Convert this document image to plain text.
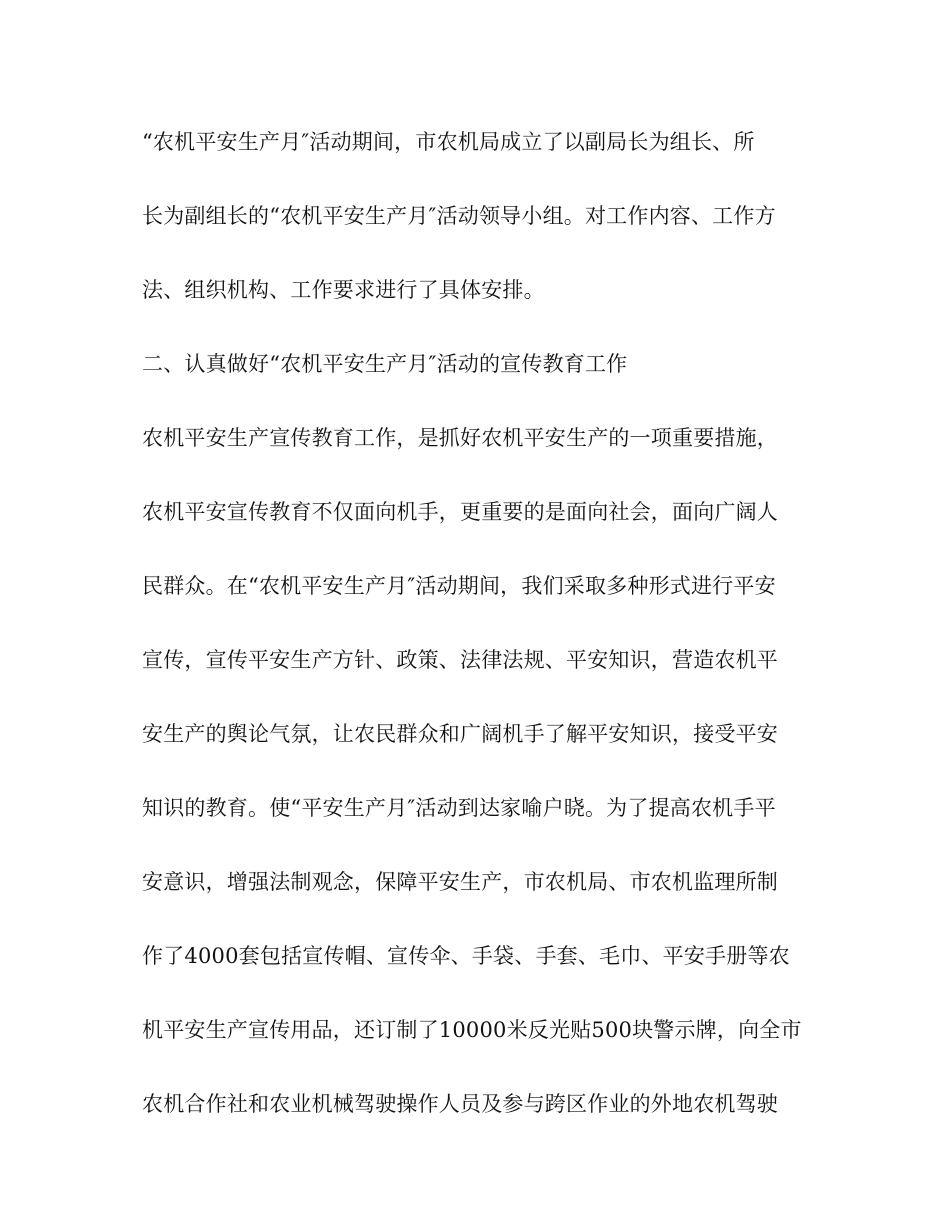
“农机平安生产月″活动期间，市农机局成立了以副局长为组长、所
长为副组长的“农机平安生产月″活动领导小组。对工作内容、工作方
法、组织机构、工作要求进行了具体安排。
二、认真做好“农机平安生产月″活动的宣传教育工作
农机平安生产宣传教育工作，是抓好农机平安生产的一项重要措施，
农机平安宣传教育不仅面向机手，更重要的是面向社会，面向广阔人
民群众。在“农机平安生产月″活动期间，我们采取多种形式进行平安
宣传，宣传平安生产方针、政策、法律法规、平安知识，营造农机平
安生产的舆论气氛，让农民群众和广阔机手了解平安知识，接受平安
知识的教育。使“平安生产月″活动到达家喻户晓。为了提高农机手平
安意识，增强法制观念，保障平安生产，市农机局、市农机监理所制
作了4000套包括宣传帽、宣传伞、手袋、手套、毛巾、平安手册等农
机平安生产宣传用品，还订制了10000米反光贴500块警示牌，向全市
农机合作社和农业机械驾驶操作人员及参与跨区作业的外地农机驾驶
